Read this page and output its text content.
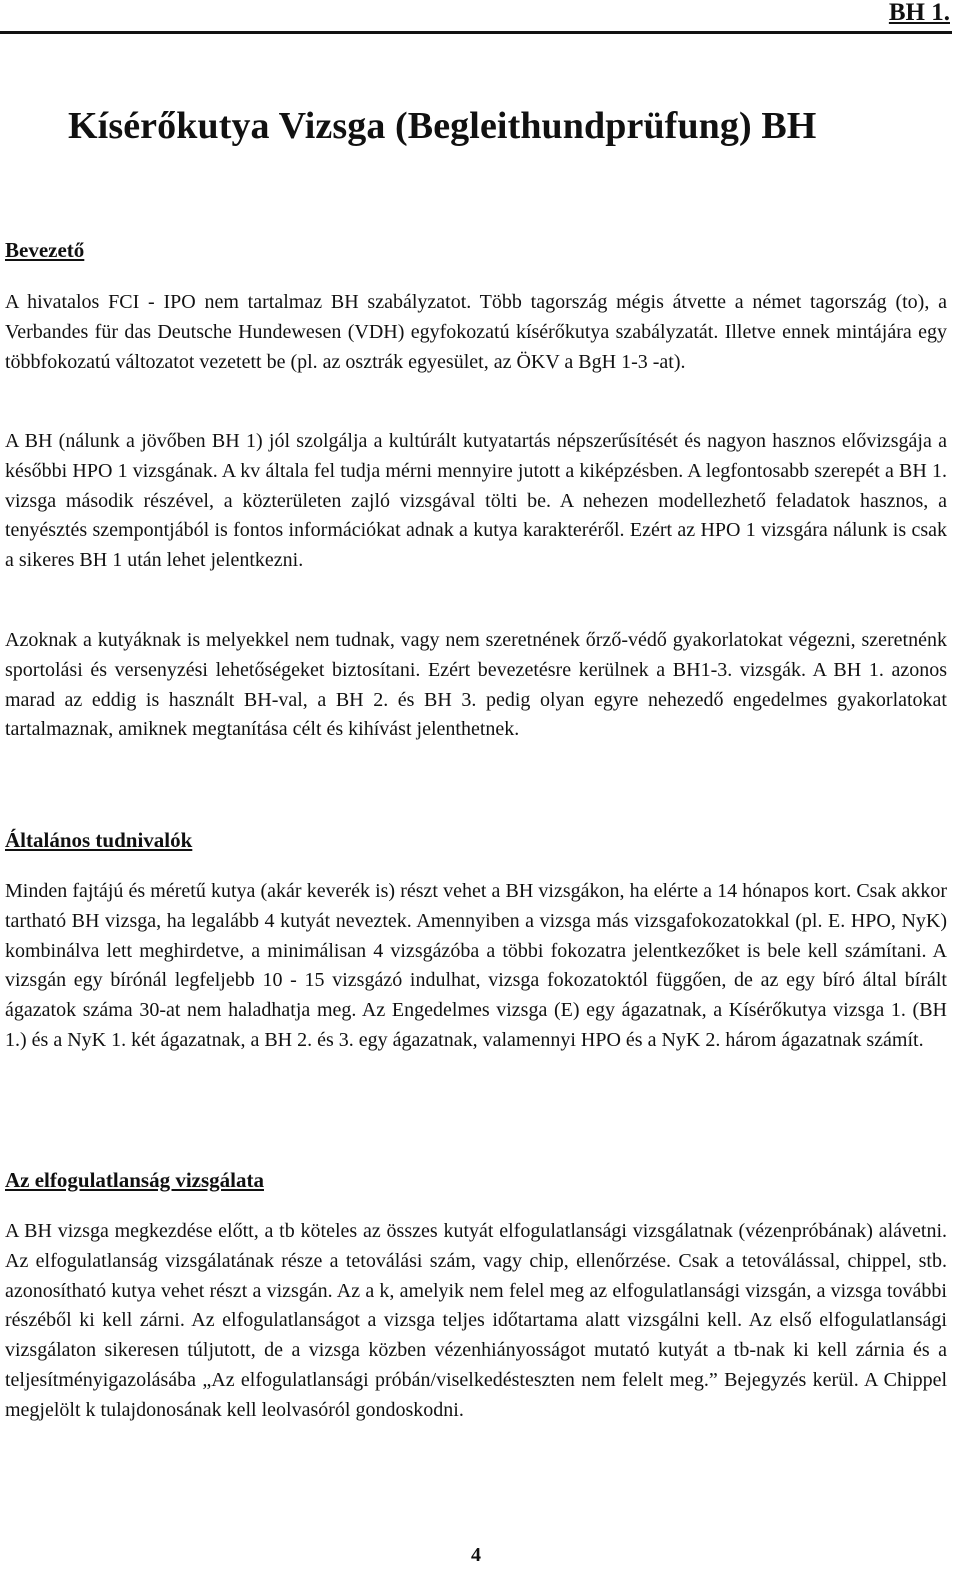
BH 1.
Kísérőkutya Vizsga (Begleithundprüfung) BH
Bevezető

A hivatalos FCI - IPO nem tartalmaz BH szabályzatot. Több tagország mégis átvette a német tagország (to), a Verbandes für das Deutsche Hundewesen (VDH) egyfokozatú kísérőkutya szabályzatát. Illetve ennek mintájára egy többfokozatú változatot vezetett be (pl. az osztrák egyesület, az ÖKV a BgH 1-3 -at).

A BH (nálunk a jövőben BH 1) jól szolgálja a kultúrált kutyatartás népszerűsítését és nagyon hasznos elővizsgája a későbbi HPO 1 vizsgának. A kv általa fel tudja mérni mennyire jutott a kiképzésben. A legfontosabb szerepét a BH 1. vizsga második részével, a közterületen zajló vizsgával tölti be. A nehezen modellezhető feladatok hasznos, a tenyésztés szempontjából is fontos információkat adnak a kutya karakteréről. Ezért az HPO 1 vizsgára nálunk is csak a sikeres BH 1 után lehet jelentkezni.

Azoknak a kutyáknak is melyekkel nem tudnak, vagy nem szeretnének őrző-védő gyakorlatokat végezni, szeretnénk sportolási és versenyzési lehetőségeket biztosítani. Ezért bevezetésre kerülnek a BH1-3. vizsgák. A BH 1. azonos marad az eddig is használt BH-val, a BH 2. és BH 3. pedig olyan egyre nehezedő engedelmes gyakorlatokat tartalmaznak, amiknek megtanítása célt és kihívást jelenthetnek.

Általános tudnivalók

Minden fajtájú és méretű kutya (akár keverék is) részt vehet a BH vizsgákon, ha elérte a 14 hónapos kort. Csak akkor tartható BH vizsga, ha legalább 4 kutyát neveztek. Amennyiben a vizsga más vizsgafokozatokkal (pl. E. HPO, NyK) kombinálva lett meghirdetve, a minimálisan 4 vizsgázóba a többi fokozatra jelentkezőket is bele kell számítani. A vizsgán egy bírónál legfeljebb 10 - 15 vizsgázó indulhat, vizsga fokozatoktól függően, de az egy bíró által bírált ágazatok száma 30-at nem haladhatja meg. Az Engedelmes vizsga (E) egy ágazatnak, a Kísérőkutya vizsga 1. (BH 1.) és a NyK 1. két ágazatnak, a BH 2. és 3. egy ágazatnak, valamennyi HPO és a NyK 2. három ágazatnak számít.

Az elfogulatlanság vizsgálata

A BH vizsga megkezdése előtt, a tb köteles az összes kutyát elfogulatlansági vizsgálatnak (vézenpróbának) alávetni. Az elfogulatlanság vizsgálatának része a tetoválási szám, vagy chip, ellenőrzése. Csak a tetoválással, chippel, stb. azonosítható kutya vehet részt a vizsgán. Az a k, amelyik nem felel meg az elfogulatlansági vizsgán, a vizsga további részéből ki kell zárni. Az elfogulatlanságot a vizsga teljes időtartama alatt vizsgálni kell. Az első elfogulatlansági vizsgálaton sikeresen túljutott, de a vizsga közben vézenhiányosságot mutató kutyát a tb-nak ki kell zárnia és a teljesítményigazolásába „Az elfogulatlansági próbán/viselkedésteszten nem felelt meg.” Bejegyzés kerül. A Chippel megjelölt k tulajdonosának kell leolvasóról gondoskodni.

4
